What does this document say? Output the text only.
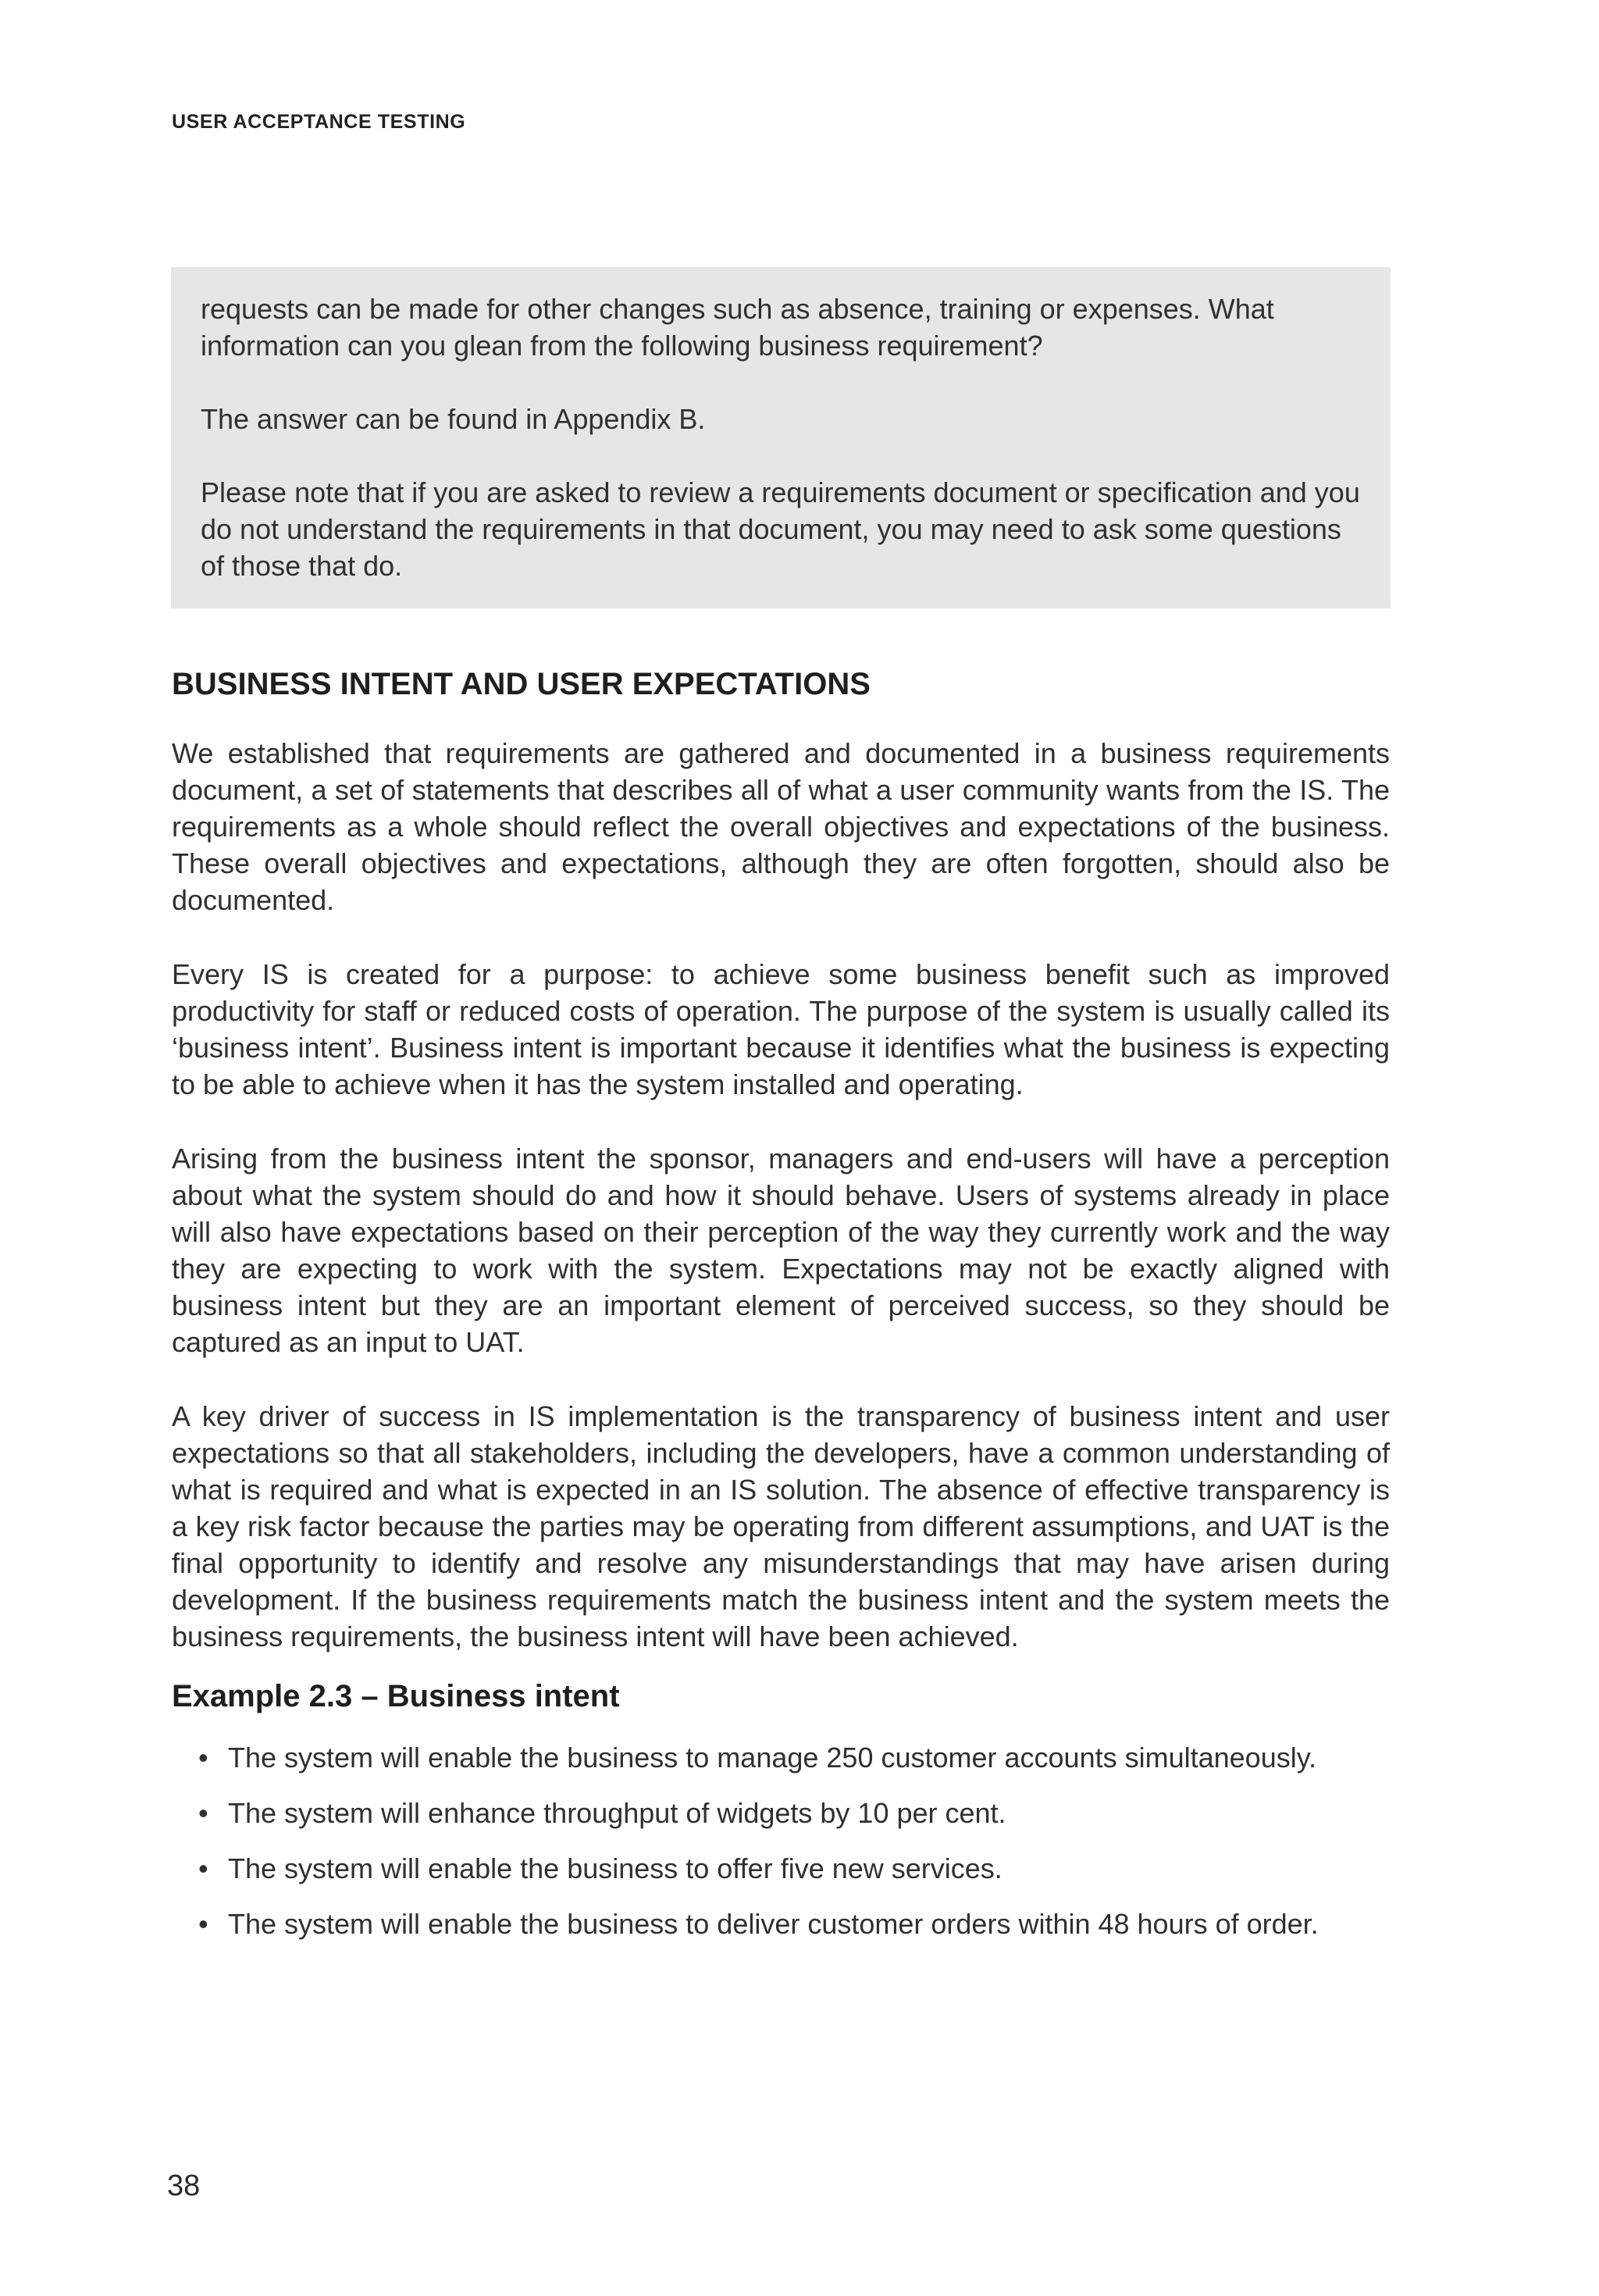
USER ACCEPTANCE TESTING

requests can be made for other changes such as absence, training or expenses. What information can you glean from the following business requirement?

The answer can be found in Appendix B.

Please note that if you are asked to review a requirements document or specification and you do not understand the requirements in that document, you may need to ask some questions of those that do.

BUSINESS INTENT AND USER EXPECTATIONS

We established that requirements are gathered and documented in a business requirements document, a set of statements that describes all of what a user community wants from the IS. The requirements as a whole should reflect the overall objectives and expectations of the business. These overall objectives and expectations, although they are often forgotten, should also be documented.

Every IS is created for a purpose: to achieve some business benefit such as improved productivity for staff or reduced costs of operation. The purpose of the system is usually called its ‘business intent’. Business intent is important because it identifies what the business is expecting to be able to achieve when it has the system installed and operating.

Arising from the business intent the sponsor, managers and end-users will have a perception about what the system should do and how it should behave. Users of systems already in place will also have expectations based on their perception of the way they currently work and the way they are expecting to work with the system. Expectations may not be exactly aligned with business intent but they are an important element of perceived success, so they should be captured as an input to UAT.

A key driver of success in IS implementation is the transparency of business intent and user expectations so that all stakeholders, including the developers, have a common understanding of what is required and what is expected in an IS solution. The absence of effective transparency is a key risk factor because the parties may be operating from different assumptions, and UAT is the final opportunity to identify and resolve any misunderstandings that may have arisen during development. If the business requirements match the business intent and the system meets the business requirements, the business intent will have been achieved.

Example 2.3 – Business intent
• The system will enable the business to manage 250 customer accounts simultaneously.
• The system will enhance throughput of widgets by 10 per cent.
• The system will enable the business to offer five new services.
• The system will enable the business to deliver customer orders within 48 hours of order.
38
